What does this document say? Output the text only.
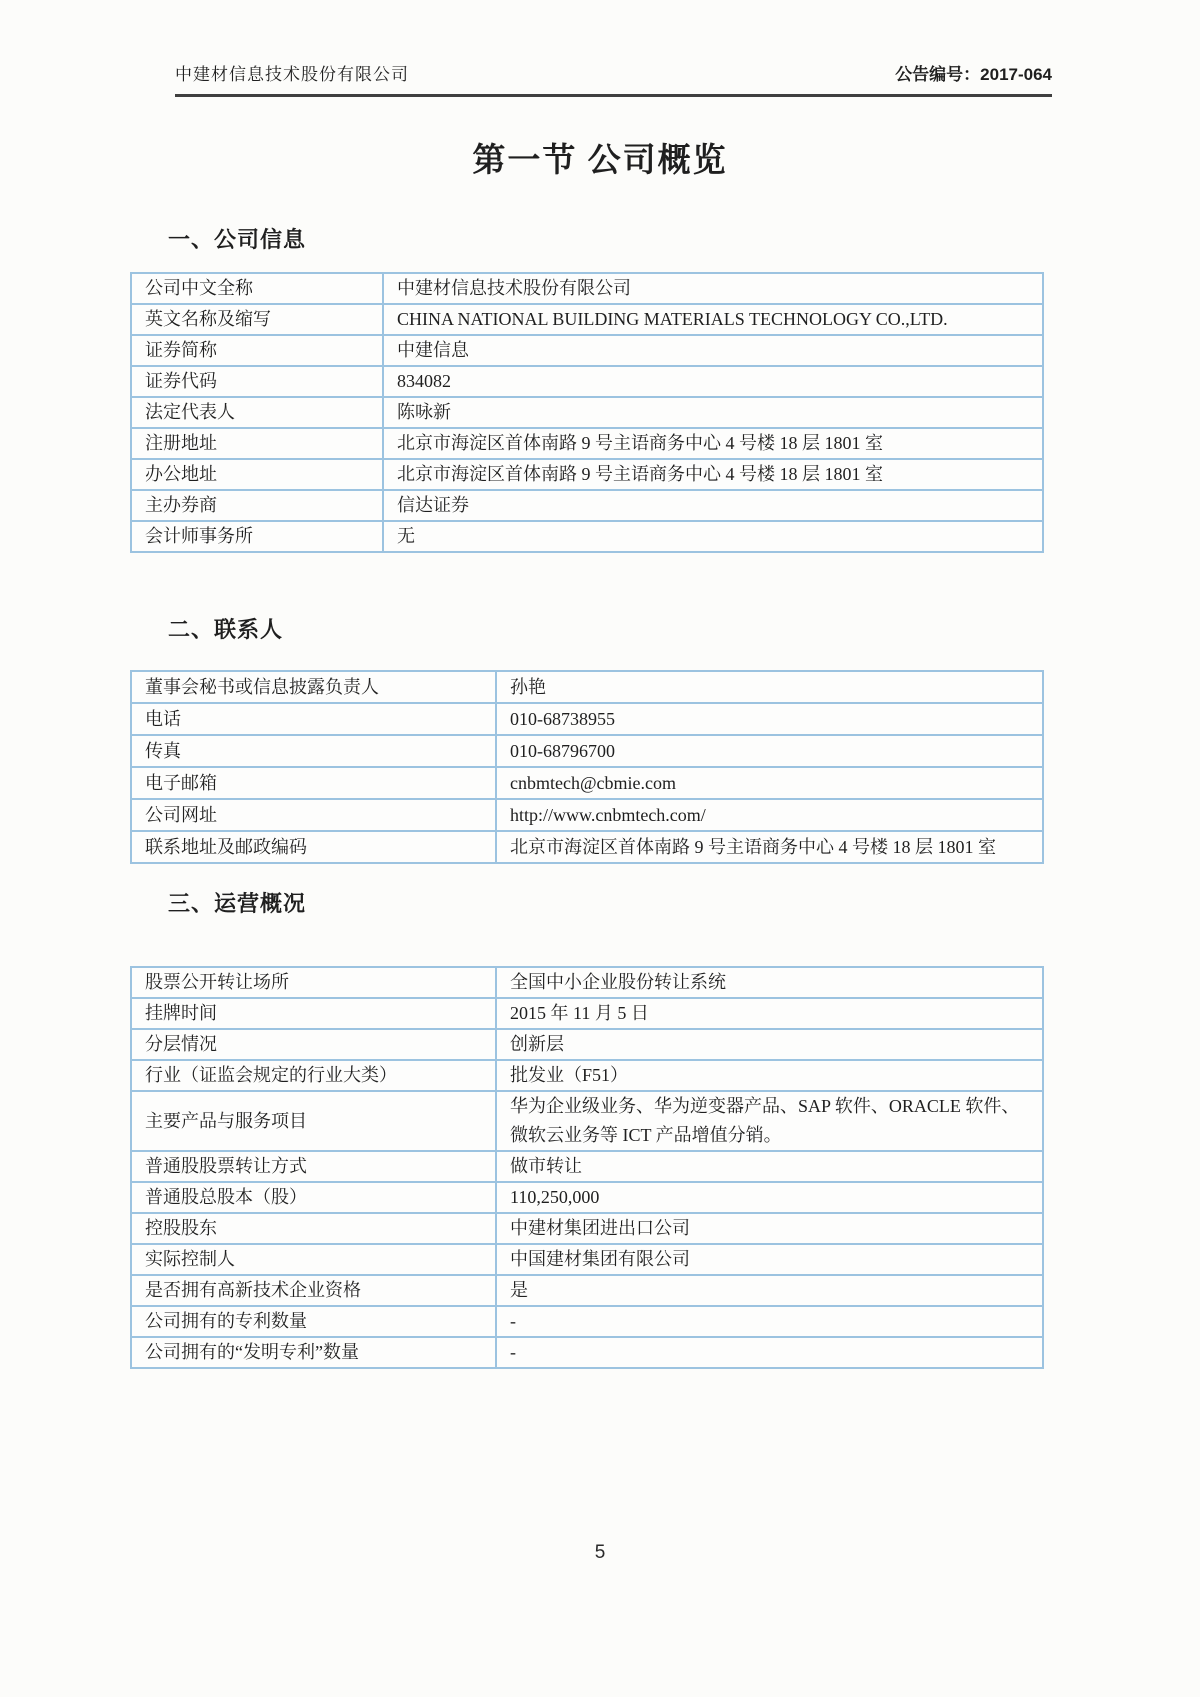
中建材信息技术股份有限公司	公告编号：2017-064
第一节 公司概览
一、公司信息
公司中文全称	中建材信息技术股份有限公司

英文名称及缩写	CHINA NATIONAL BUILDING MATERIALS TECHNOLOGY CO.,LTD.

证券简称	中建信息

证券代码	834082

法定代表人	陈咏新

注册地址	北京市海淀区首体南路 9 号主语商务中心 4 号楼 18 层 1801 室

办公地址	北京市海淀区首体南路 9 号主语商务中心 4 号楼 18 层 1801 室

主办券商	信达证券

会计师事务所	无
二、联系人
董事会秘书或信息披露负责人	孙艳

电话	010-68738955

传真	010-68796700

电子邮箱	cnbmtech@cbmie.com

公司网址	http://www.cnbmtech.com/

联系地址及邮政编码	北京市海淀区首体南路 9 号主语商务中心 4 号楼 18 层 1801 室
三、运营概况
股票公开转让场所	全国中小企业股份转让系统

挂牌时间	2015 年 11 月 5 日

分层情况	创新层

行业（证监会规定的行业大类）	批发业（F51）

主要产品与服务项目	华为企业级业务、华为逆变器产品、SAP 软件、ORACLE 软件、微软云业务等 ICT 产品增值分销。

普通股股票转让方式	做市转让

普通股总股本（股）	110,250,000

控股股东	中建材集团进出口公司

实际控制人	中国建材集团有限公司

是否拥有高新技术企业资格	是

公司拥有的专利数量	-

公司拥有的“发明专利”数量	-
5
